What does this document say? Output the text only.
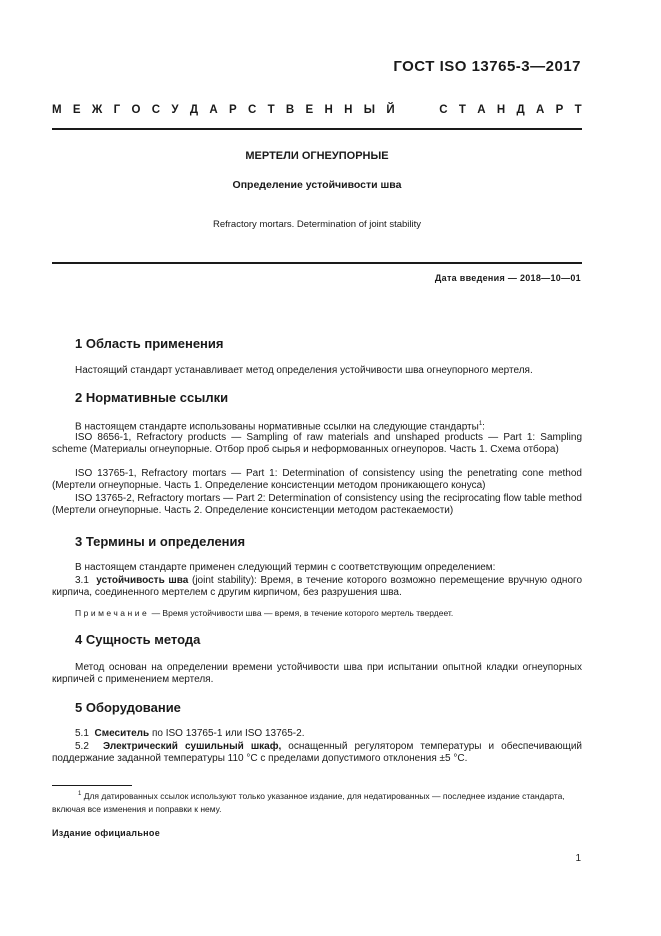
ГОСТ ISO 13765-3—2017
М Е Ж Г О С У Д А Р С Т В Е Н Н Ы Й	С Т А Н Д А Р Т
МЕРТЕЛИ ОГНЕУПОРНЫЕ
Определение устойчивости шва
Refractory mortars. Determination of joint stability
Дата введения — 2018—10—01
1 Область применения
Настоящий стандарт устанавливает метод определения устойчивости шва огнеупорного мертеля.
2 Нормативные ссылки
В настоящем стандарте использованы нормативные ссылки на следующие стандарты$^1$:
ISO 8656-1, Refractory products — Sampling of raw materials and unshaped products — Part 1: Sampling scheme (Материалы огнеупорные. Отбор проб сырья и неформованных огнеупоров. Часть 1. Схема отбора)
ISO 13765-1, Refractory mortars — Part 1: Determination of consistency using the penetrating cone method (Мертели огнеупорные. Часть 1. Определение консистенции методом проникающего конуса)
ISO 13765-2, Refractory mortars — Part 2: Determination of consistency using the reciprocating flow table method (Мертели огнеупорные. Часть 2. Определение консистенции методом растекаемости)
3 Термины и определения
В настоящем стандарте применен следующий термин с соответствующим определением:
3.1 устойчивость шва (joint stability): Время, в течение которого возможно перемещение вручную одного кирпича, соединенного мертелем с другим кирпичом, без разрушения шва.
Примечание — Время устойчивости шва — время, в течение которого мертель твердеет.
4 Сущность метода
Метод основан на определении времени устойчивости шва при испытании опытной кладки огнеупорных кирпичей с применением мертеля.
5 Оборудование
5.1 Смеситель по ISO 13765-1 или ISO 13765-2.
5.2 Электрический сушильный шкаф, оснащенный регулятором температуры и обеспечивающий поддержание заданной температуры 110 °С с пределами допустимого отклонения ±5 °С.
$^1$ Для датированных ссылок используют только указанное издание, для недатированных — последнее издание стандарта, включая все изменения и поправки к нему.
Издание официальное
1
